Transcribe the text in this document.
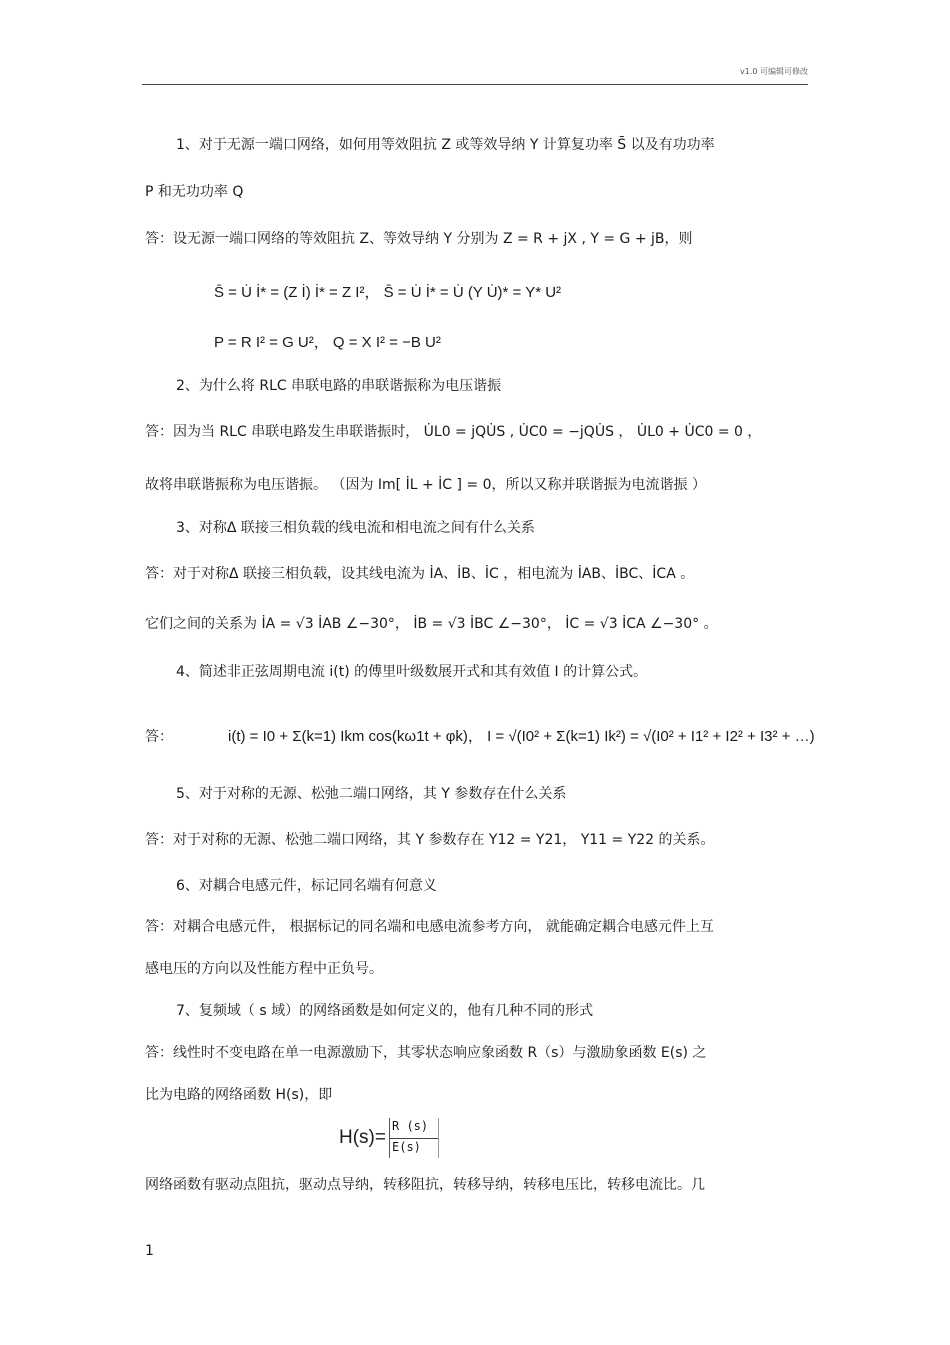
v1.0 可编辑可修改
1、对于无源一端口网络，如何用等效阻抗 Z 或等效导纳 Y 计算复功率 S̄ 以及有功功率
P 和无功功率 Q
答：设无源一端口网络的等效阻抗 Z、等效导纳 Y 分别为 Z = R + jX , Y = G + jB，则
S̄ = U̇ İ* = (Z İ) İ* = Z I²， S̄ = U̇ İ* = U̇ (Y U̇)* = Y* U²
P = R I² = G U²， Q = X I² = −B U²
2、为什么将 RLC 串联电路的串联谐振称为电压谐振
答：因为当 RLC 串联电路发生串联谐振时， U̇L0 = jQU̇S , U̇C0 = −jQU̇S ， U̇L0 + U̇C0 = 0 ，
故将串联谐振称为电压谐振。 （因为 Im[ İL + İC ] = 0，所以又称并联谐振为电流谐振 ）
3、对称Δ 联接三相负载的线电流和相电流之间有什么关系
答：对于对称Δ 联接三相负载，设其线电流为 İA、İB、İC ，相电流为 İAB、İBC、İCA 。
它们之间的关系为 İA = √3 İAB ∠−30°， İB = √3 İBC ∠−30°， İC = √3 İCA ∠−30° 。
4、简述非正弦周期电流 i(t) 的傅里叶级数展开式和其有效值 I 的计算公式。
答：	i(t) = I0 + Σ(k=1) Ikm cos(kω1t + φk)， I = √(I0² + Σ(k=1) Ik²) = √(I0² + I1² + I2² + I3² + …)
5、对于对称的无源、松弛二端口网络，其 Y 参数存在什么关系
答：对于对称的无源、松弛二端口网络，其 Y 参数存在 Y12 = Y21， Y11 = Y22 的关系。
6、对耦合电感元件，标记同名端有何意义
答：对耦合电感元件， 根据标记的同名端和电感电流参考方向， 就能确定耦合电感元件上互
感电压的方向以及性能方程中正负号。
7、复频域（ s 域）的网络函数是如何定义的，他有几种不同的形式
答：线性时不变电路在单一电源激励下，其零状态响应象函数 R（s）与激励象函数 E(s) 之
比为电路的网络函数 H(s)，即
H(s)=
R (s)
E(s)
网络函数有驱动点阻抗，驱动点导纳，转移阻抗，转移导纳，转移电压比，转移电流比。几
1
